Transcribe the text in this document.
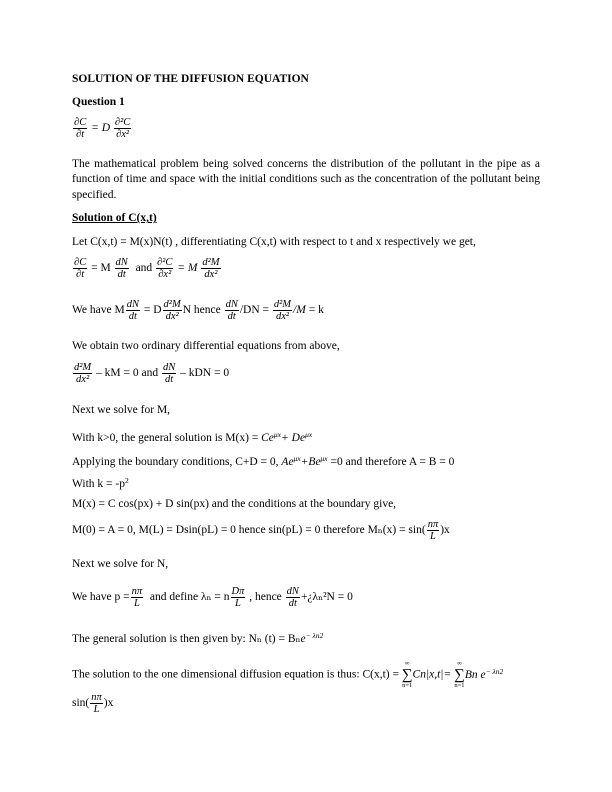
SOLUTION OF THE DIFFUSION EQUATION
Question 1
$\frac{\partial C}{\partial t} = D \frac{\text{∂²C}}{\text{∂x²}}$
The mathematical problem being solved concerns the distribution of the pollutant in the pipe as a function of time and space with the initial conditions such as the concentration of the pollutant being specified.
Solution of C(x,t)
Let C(x,t) = M(x)N(t) , differentiating C(x,t) with respect to t and x respectively we get,
$\frac{\partial C}{\partial t} = M \frac{dN}{dt}$ and $\frac{\text{∂²C}}{\text{∂x²}} = M \frac{\text{d²M}}{\text{dx²}}$
We have M $\frac{dN}{dt} = D \frac{\text{d²M}}{\text{dx²}}$ N hence $\frac{dN}{dt} /DN = \frac{\text{d²M}}{\text{dx²}} /M = k$
We obtain two ordinary differential equations from above,
$\frac{\text{d²M}}{\text{dx²}}$ – kM = 0 and $\frac{dN}{dt}$ – kDN = 0
Next we solve for M,
With k>0, the general solution is $M(x) = Ce^{\mu x}+ De^{\mu x}$
Applying the boundary conditions, C+D = 0, $Ae^{\mu x}+Be^{\mu x} =0$ and therefore A = B = 0
With $k = -p^2$
M(x) = C cos(px) + D sin(px) and the conditions at the boundary give,
M(0) = A = 0, M(L) = Dsin(pL) = 0 hence sin(pL) = 0 therefore $M_n(x) = \sin( \frac{n\pi}{L} )x$
Next we solve for N,
We have $p = \frac{n\pi}{L}$ and define λₙ = n $\frac{D\pi}{L}$ , hence $\frac{dN}{dt}$ +¿λₙ²N = 0
The general solution is then given by: Nₙ (t) = Bₙe$^{- \lambda n2}$
The solution to the one dimensional diffusion equation is thus: C(x,t) =
∞
∑
n=1
Cn|x,t|=
∞
∑
n=1
Bn $e^{- \lambda n2}$
$\sin( \frac{n\pi}{L} )x$
